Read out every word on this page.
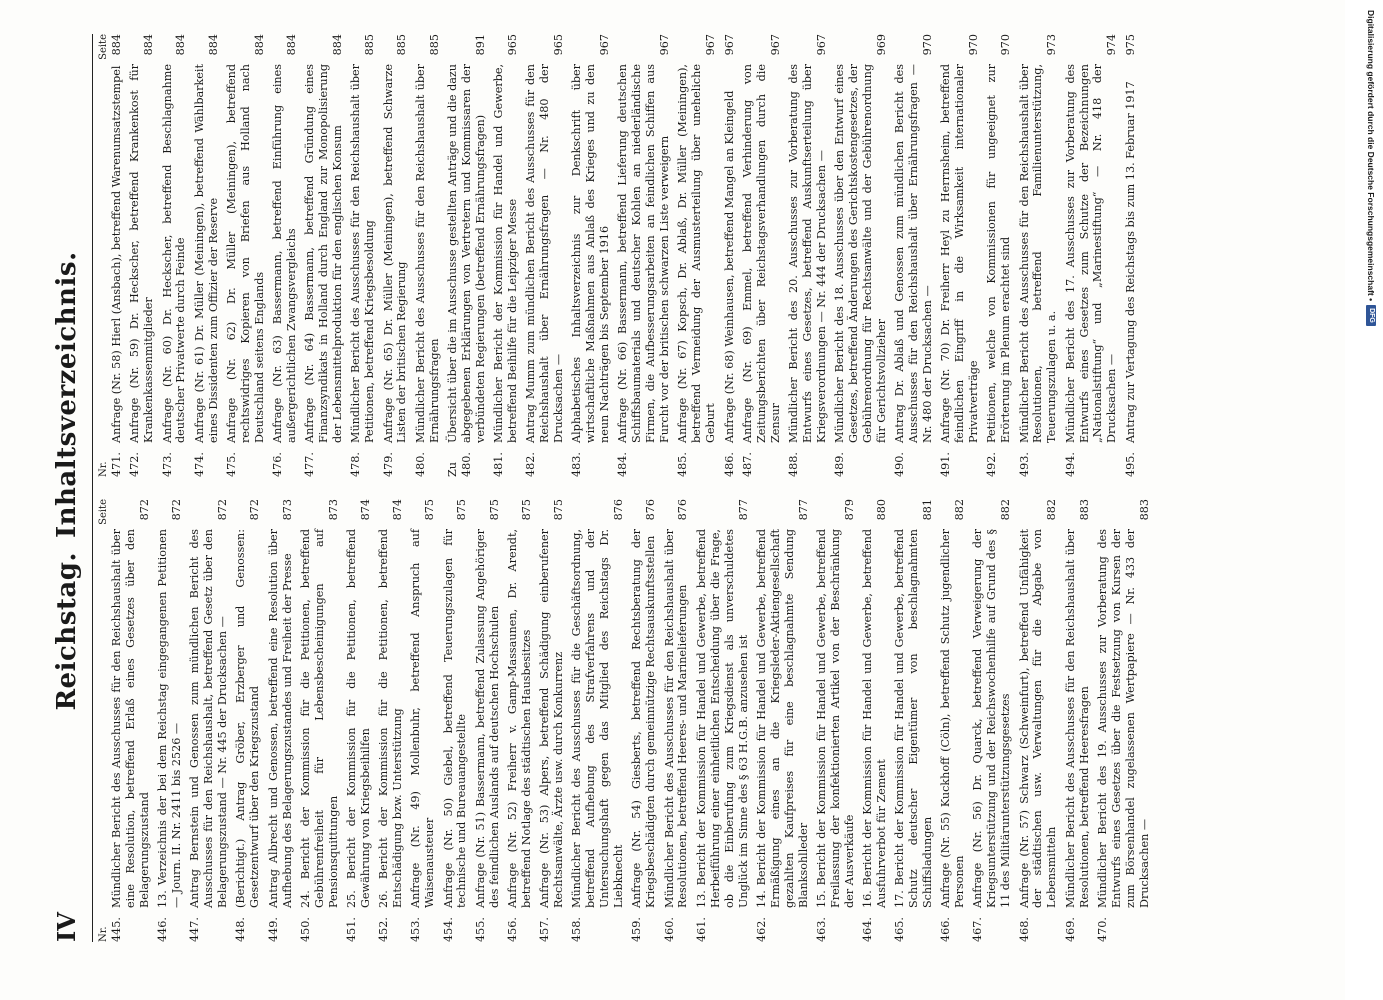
IV
Reichstag.Inhaltsverzeichnis.
Nr.
Seite
445.
Mündlicher Bericht des Ausschusses für den Reichshaushalt über eine Resolution, betreffend Erlaß eines Gesetzes über den Belagerungszustand
872
446.
13. Verzeichnis der bei dem Reichstag eingegangenen Petitionen — Journ. II. Nr. 2411 bis 2526 —
872
447.
Antrag Bernstein und Genossen zum mündlichen Bericht des Ausschusses für den Reichshaushalt, betreffend Gesetz über den Belagerungszustand — Nr. 445 der Drucksachen —
872
448.
(Berichtigt.) Antrag Gröber, Erzberger und Genossen: Gesetzentwurf über den Kriegszustand
872
449.
Antrag Albrecht und Genossen, betreffend eine Resolution über Aufhebung des Belagerungszustandes und Freiheit der Presse
873
450.
24. Bericht der Kommission für die Petitionen, betreffend Gebührenfreiheit für Lebensbescheinigungen auf Pensionsquittungen
873
451.
25. Bericht der Kommission für die Petitionen, betreffend Gewährung von Kriegsbeihilfen
874
452.
26. Bericht der Kommission für die Petitionen, betreffend Entschädigung bzw. Unterstützung
874
453.
Anfrage (Nr. 49) Mollenbuhr, betreffend Anspruch auf Waisenausteuer
875
454.
Anfrage (Nr. 50) Giebel, betreffend Teuerungszulagen für technische und Bureauangestellte
875
455.
Anfrage (Nr. 51) Bassermann, betreffend Zulassung Angehöriger des feindlichen Auslands auf deutschen Hochschulen
875
456.
Anfrage (Nr. 52) Freiherr v. Gamp-Massaunen, Dr. Arendt, betreffend Notlage des städtischen Hausbesitzes
875
457.
Anfrage (Nr. 53) Alpers, betreffend Schädigung einberufener Rechtsanwälte, Ärzte usw. durch Konkurrenz
875
458.
Mündlicher Bericht des Ausschusses für die Geschäftsordnung, betreffend Aufhebung des Strafverfahrens und der Untersuchungshaft gegen das Mitglied des Reichstags Dr. Liebknecht
876
459.
Anfrage (Nr. 54) Giesberts, betreffend Rechtsberatung der Kriegsbeschädigten durch gemeinnützige Rechtsauskunftsstellen
876
460.
Mündlicher Bericht des Ausschusses für den Reichshaushalt über Resolutionen, betreffend Heeres- und Marinelieferungen
876
461.
13. Bericht der Kommission für Handel und Gewerbe, betreffend Herbeiführung einer einheitlichen Entscheidung über die Frage, ob die Einberufung zum Kriegsdienst als unverschuldetes Unglück im Sinne des § 63 H.G.B. anzusehen ist
877
462.
14. Bericht der Kommission für Handel und Gewerbe, betreffend Ermäßigung eines an die Kriegsleder-Aktiengesellschaft gezahlten Kaufpreises für eine beschlagnahmte Sendung Blanksohlleder
877
463.
15. Bericht der Kommission für Handel und Gewerbe, betreffend Freilassung der konfektionierten Artikel von der Beschränkung der Ausverkäufe
879
464.
16. Bericht der Kommission für Handel und Gewerbe, betreffend Ausfuhrverbot für Zement
880
465.
17. Bericht der Kommission für Handel und Gewerbe, betreffend Schutz deutscher Eigentümer von beschlagnahmten Schiffsladungen
881
466.
Anfrage (Nr. 55) Kuckhoff (Cöln), betreffend Schutz jugendlicher Personen
882
467.
Anfrage (Nr. 56) Dr. Quarck, betreffend Verweigerung der Kriegsunterstützung und der Reichswochenhilfe auf Grund des § 11 des Militärunterstützungsgesetzes
882
468.
Anfrage (Nr. 57) Schwarz (Schweinfurt), betreffend Unfähigkeit der städtischen usw. Verwaltungen für die Abgabe von Lebensmitteln
882
469.
Mündlicher Bericht des Ausschusses für den Reichshaushalt über Resolutionen, betreffend Heeresfragen
883
470.
Mündlicher Bericht des 19. Ausschusses zur Vorberatung des Entwurfs eines Gesetzes über die Festsetzung von Kursen der zum Börsenhandel zugelassenen Wertpapiere — Nr. 433 der Drucksachen —
883
Nr.
Seite
471.
Anfrage (Nr. 58) Hierl (Ansbach), betreffend Warenumsatzstempel
884
472.
Anfrage (Nr. 59) Dr. Heckscher, betreffend Krankenkost für Krankenkassenmitglieder
884
473.
Anfrage (Nr. 60) Dr. Heckscher, betreffend Beschlagnahme deutscher Privatwerte durch Feinde
884
474.
Anfrage (Nr. 61) Dr. Müller (Meiningen), betreffend Wählbarkeit eines Dissidenten zum Offizier der Reserve
884
475.
Anfrage (Nr. 62) Dr. Müller (Meiningen), betreffend rechtswidriges Kopieren von Briefen aus Holland nach Deutschland seitens Englands
884
476.
Anfrage (Nr. 63) Bassermann, betreffend Einführung eines außergerichtlichen Zwangsvergleichs
884
477.
Anfrage (Nr. 64) Bassermann, betreffend Gründung eines Finanzsyndikats in Holland durch England zur Monopolisierung der Lebensmittelproduktion für den englischen Konsum
884
478.
Mündlicher Bericht des Ausschusses für den Reichshaushalt über Petitionen, betreffend Kriegsbesoldung
885
479.
Anfrage (Nr. 65) Dr. Müller (Meiningen), betreffend Schwarze Listen der britischen Regierung
885
480.
Mündlicher Bericht des Ausschusses für den Reichshaushalt über Ernährungsfragen
885
Zu 480.
Übersicht über die im Ausschusse gestellten Anträge und die dazu abgegebenen Erklärungen von Vertretern und Kommissaren der verbündeten Regierungen (betreffend Ernährungsfragen)
891
481.
Mündlicher Bericht der Kommission für Handel und Gewerbe, betreffend Beihilfe für die Leipziger Messe
965
482.
Antrag Mumm zum mündlichen Bericht des Ausschusses für den Reichshaushalt über Ernährungsfragen — Nr. 480 der Drucksachen —
965
483.
Alphabetisches Inhaltsverzeichnis zur Denkschrift über wirtschaftliche Maßnahmen aus Anlaß des Krieges und zu den neun Nachträgen bis September 1916
967
484.
Anfrage (Nr. 66) Bassermann, betreffend Lieferung deutschen Schiffsbaumaterials und deutscher Kohlen an niederländische Firmen, die Aufbesserungsarbeiten an feindlichen Schiffen aus Furcht vor der britischen schwarzen Liste verweigern
967
485.
Anfrage (Nr. 67) Kopsch, Dr. Ablaß, Dr. Müller (Meiningen), betreffend Vermeidung der Ausmusterteilung über uneheliche Geburt
967
486.
Anfrage (Nr. 68) Weinhausen, betreffend Mangel an Kleingeld
967
487.
Anfrage (Nr. 69) Emmel, betreffend Verhinderung von Zeitungsberichten über Reichstagsverhandlungen durch die Zensur
967
488.
Mündlicher Bericht des 20. Ausschusses zur Vorberatung des Entwurfs eines Gesetzes, betreffend Auskunftserteilung über Kriegsverordnungen — Nr. 444 der Drucksachen —
967
489.
Mündlicher Bericht des 18. Ausschusses über den Entwurf eines Gesetzes, betreffend Änderungen des Gerichtskostengesetzes, der Gebührenordnung für Rechtsanwälte und der Gebührenordnung für Gerichtsvollzieher
969
490.
Antrag Dr. Ablaß und Genossen zum mündlichen Bericht des Ausschusses für den Reichshaushalt über Ernährungsfragen — Nr. 480 der Drucksachen —
970
491.
Anfrage (Nr. 70) Dr. Freiherr Heyl zu Herrnsheim, betreffend feindlichen Eingriff in die Wirksamkeit internationaler Privatverträge
970
492.
Petitionen, welche von Kommissionen für ungeeignet zur Erörterung im Plenum erachtet sind
970
493.
Mündlicher Bericht des Ausschusses für den Reichshaushalt über Resolutionen, betreffend Familienunterstützung, Teuerungszulagen u. a.
973
494.
Mündlicher Bericht des 17. Ausschusses zur Vorberatung des Entwurfs eines Gesetzes zum Schutze der Bezeichnungen „Nationalstiftung“ und „Marinestiftung“ — Nr. 418 der Drucksachen —
974
495.
Antrag zur Vertagung des Reichstags bis zum 13. Februar 1917
975	Digitalisierung gefördert durch die Deutsche Forschungsgemeinschaft •
DFG
